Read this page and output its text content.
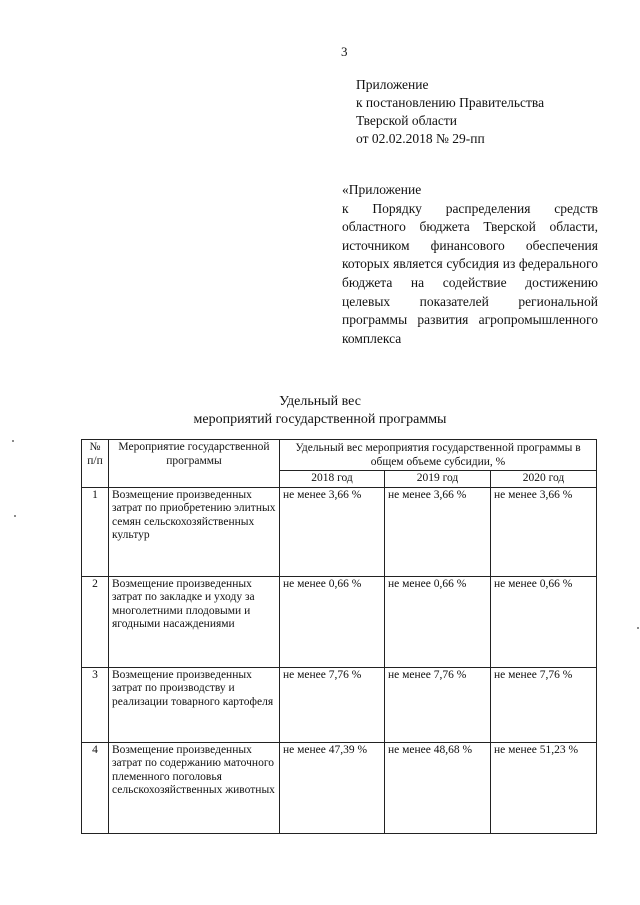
3
Приложение
к постановлению Правительства
Тверской области
от 02.02.2018 № 29-пп
«Приложение
к Порядку распределения средств областного бюджета Тверской области, источником финансового обеспечения которых является субсидия из федерального бюджета на содействие достижению целевых показателей региональной программы развития агропромышленного комплекса
Удельный вес
мероприятий государственной программы
№ п/п	Мероприятие государственной программы	Удельный вес мероприятия государственной программы в общем объеме субсидии, %		
		2018 год	2019 год	2020 год
1	Возмещение произведенных затрат по приобретению элитных семян сельскохозяйственных культур	не менее 3,66 %	не менее 3,66 %	не менее 3,66 %
2	Возмещение произведенных затрат по закладке и уходу за многолетними плодовыми и ягодными насаждениями	не менее 0,66 %	не менее 0,66 %	не менее 0,66 %
3	Возмещение произведенных затрат по производству и реализации товарного картофеля	не менее 7,76 %	не менее 7,76 %	не менее 7,76 %
4	Возмещение произведенных затрат по содержанию маточного племенного поголовья сельскохозяйственных животных	не менее 47,39 %	не менее 48,68 %	не менее 51,23 %
